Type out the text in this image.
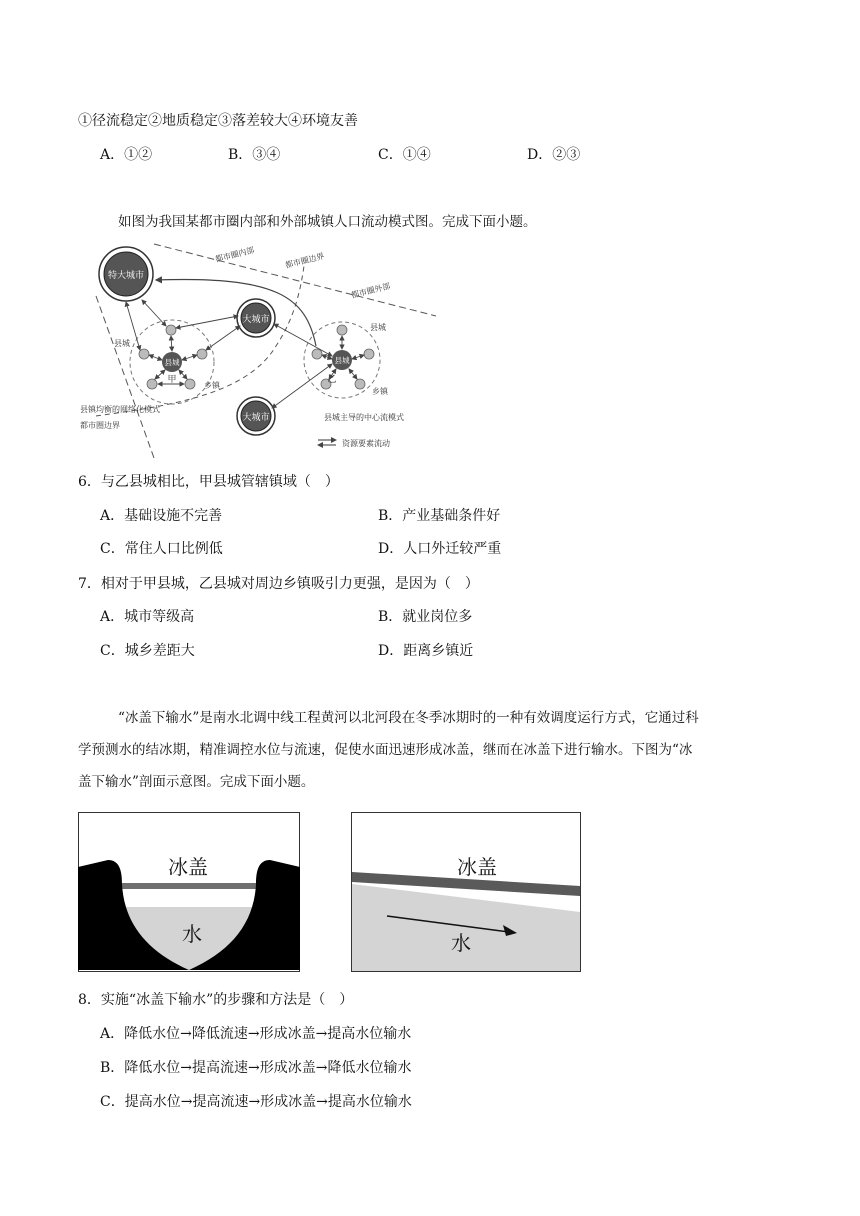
①径流稳定②地质稳定③落差较大④环境友善
A．①②	B．③④	C．①④	D．②③
如图为我国某都市圈内部和外部城镇人口流动模式图。完成下面小题。
特大城市
大城市
大城市
县城
甲
县城
乡镇
县城
乙
县城
乡镇
都市圈内部	都市圈边界
都市圈外部
县镇均衡的网络化模式
都市圈边界
县城主导的中心流模式
资源要素流动
6．与乙县城相比，甲县城管辖镇域（　）
A．基础设施不完善	B．产业基础条件好
C．常住人口比例低	D．人口外迁较严重
7．相对于甲县城，乙县城对周边乡镇吸引力更强，是因为（　）
A．城市等级高	B．就业岗位多
C．城乡差距大	D．距离乡镇近
“冰盖下输水”是南水北调中线工程黄河以北河段在冬季冰期时的一种有效调度运行方式，它通过科
学预测水的结冰期，精准调控水位与流速，促使水面迅速形成冰盖，继而在冰盖下进行输水。下图为“冰
盖下输水”剖面示意图。完成下面小题。
冰盖
水
冰盖
水
8．实施“冰盖下输水”的步骤和方法是（　）
A．降低水位→降低流速→形成冰盖→提高水位输水
B．降低水位→提高流速→形成冰盖→降低水位输水
C．提高水位→提高流速→形成冰盖→提高水位输水
